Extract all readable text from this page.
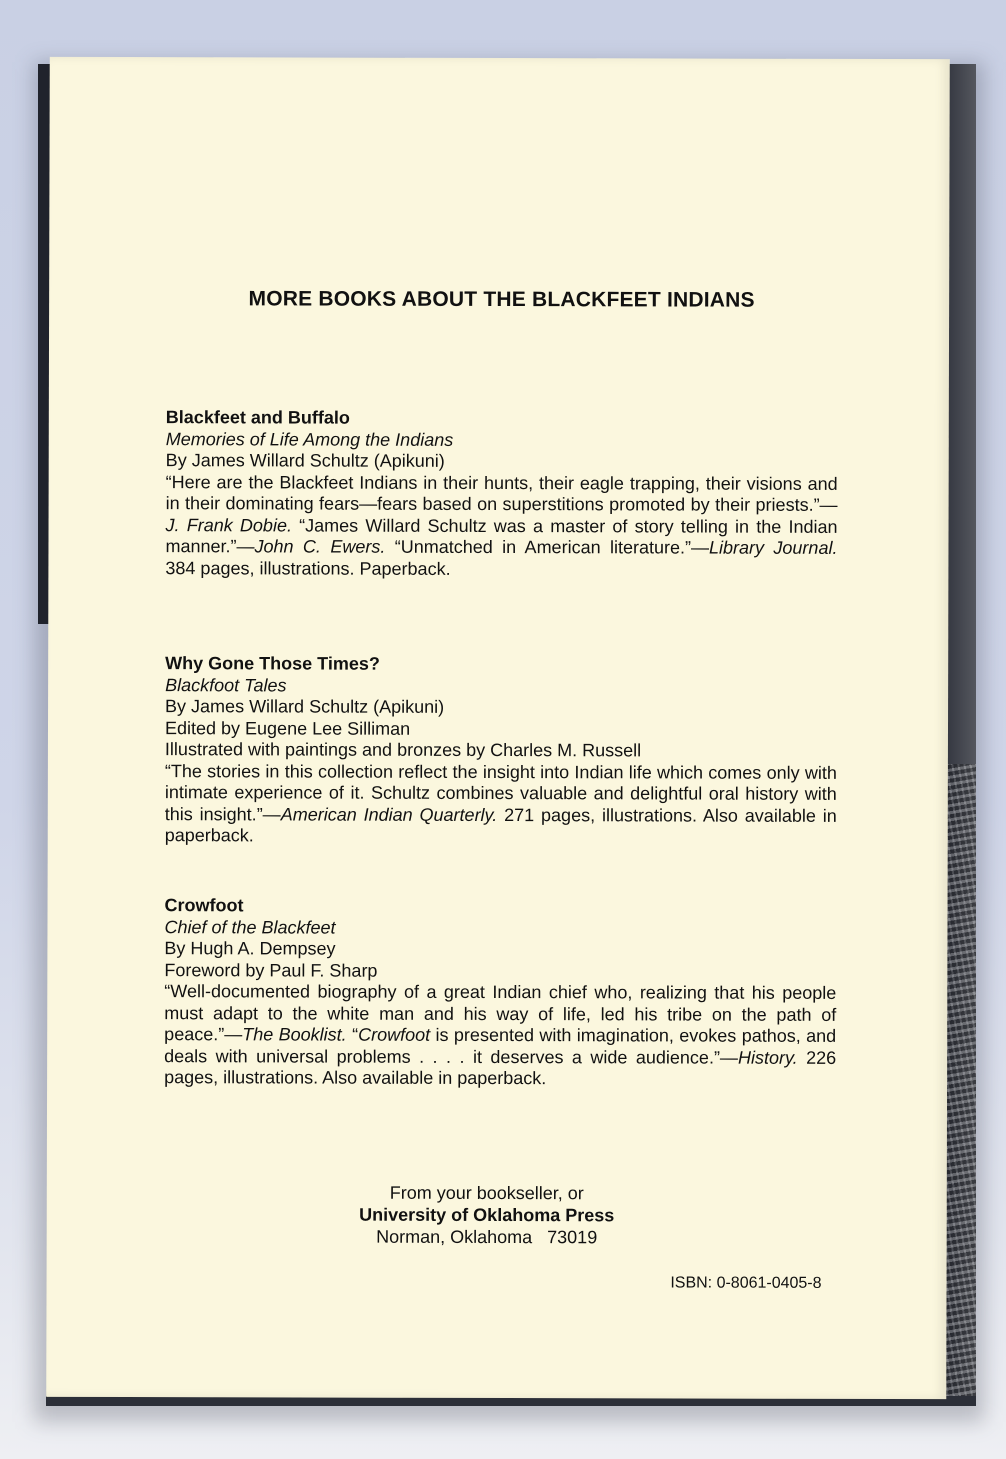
MORE BOOKS ABOUT THE BLACKFEET INDIANS
Blackfeet and Buffalo
Memories of Life Among the Indians
By James Willard Schultz (Apikuni)
“Here are the Blackfeet Indians in their hunts, their eagle trapping, their visions and in their dominating fears—fears based on superstitions promoted by their priests.”—J. Frank Dobie. “James Willard Schultz was a master of story telling in the Indian manner.”—John C. Ewers. “Unmatched in American literature.”—Library Journal. 384 pages, illustrations. Paperback.
Why Gone Those Times?
Blackfoot Tales
By James Willard Schultz (Apikuni)
Edited by Eugene Lee Silliman
Illustrated with paintings and bronzes by Charles M. Russell
“The stories in this collection reflect the insight into Indian life which comes only with intimate experience of it. Schultz combines valuable and delightful oral history with this insight.”—American Indian Quarterly. 271 pages, illustrations. Also available in paperback.
Crowfoot
Chief of the Blackfeet
By Hugh A. Dempsey
Foreword by Paul F. Sharp
“Well-documented biography of a great Indian chief who, realizing that his people must adapt to the white man and his way of life, led his tribe on the path of peace.”—The Booklist. “Crowfoot is presented with imagination, evokes pathos, and deals with universal problems . . . . it deserves a wide audience.”—History. 226 pages, illustrations. Also available in paperback.
From your bookseller, or
University of Oklahoma Press
Norman, Oklahoma   73019
ISBN: 0-8061-0405-8
